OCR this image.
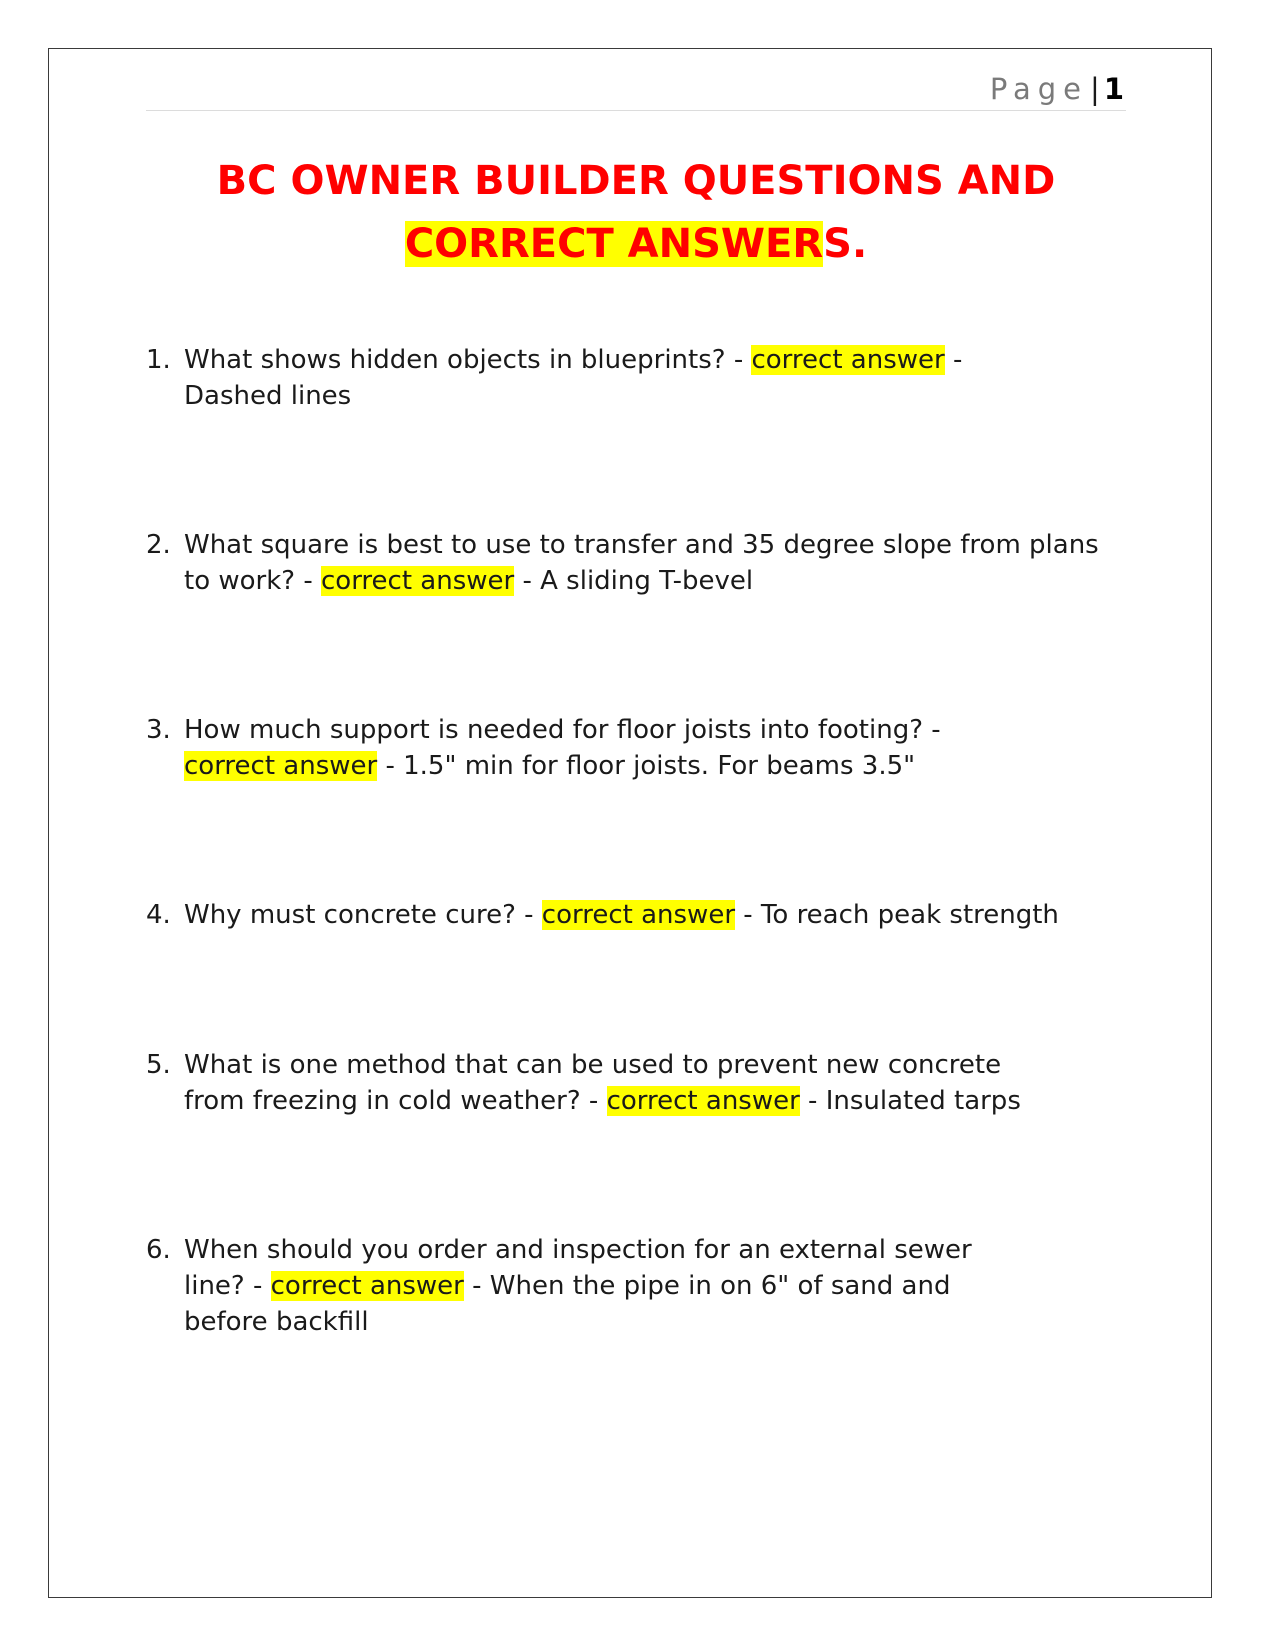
Page| 1
BC OWNER BUILDER QUESTIONS AND
CORRECT ANSWERS.
1. What shows hidden objects in blueprints? - correct answer - Dashed lines
2. What square is best to use to transfer and 35 degree slope from plans to work? - correct answer - A sliding T-bevel
3. How much support is needed for floor joists into footing? - correct answer - 1.5" min for floor joists. For beams 3.5"
4. Why must concrete cure? - correct answer - To reach peak strength
5. What is one method that can be used to prevent new concrete from freezing in cold weather? - correct answer - Insulated tarps
6. When should you order and inspection for an external sewer line? - correct answer - When the pipe in on 6" of sand and before backfill
